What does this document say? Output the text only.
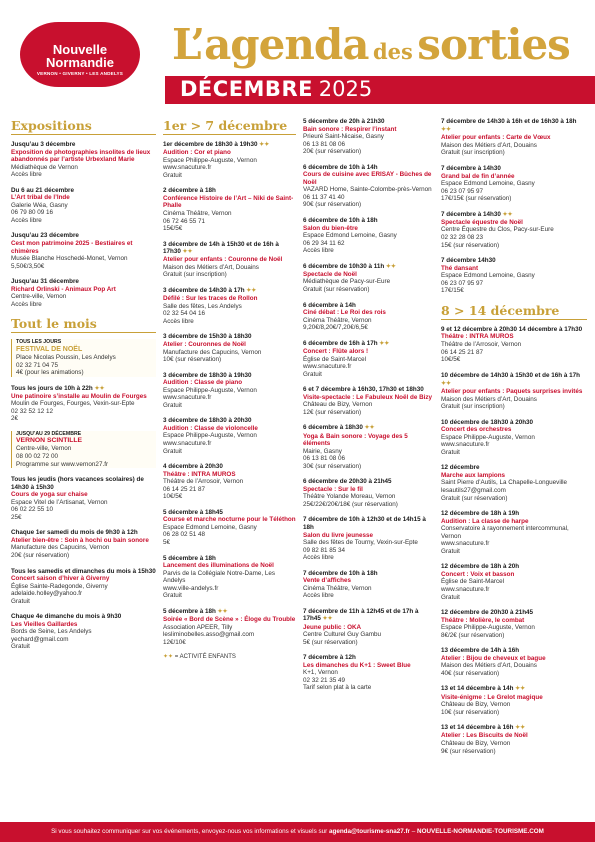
Nouvelle
Normandie
VERNON • GIVERNY • LES ANDELYS
L’agenda des sorties
DÉCEMBRE 2025
Expositions
Jusqu’au 3 décembre
Exposition de photographies insolites de lieux abandonnés par l’artiste Urbexland Marie
Médiathèque de Vernon
Accès libre
Du 6 au 21 décembre
L’Art tribal de l’Inde
Galerie Wéa, Gasny
06 79 80 09 16
Accès libre
Jusqu’au 23 décembre
Cest mon patrimoine 2025 - Bestiaires et chimères
Musée Blanche Hoschedé-Monet, Vernon
5,50€/3,50€
Jusqu’au 31 décembre
Richard Orlinski - Animaux Pop Art
Centre-ville, Vernon
Accès libre
Tout le mois
TOUS LES JOURS
FESTIVAL DE NOËL
Place Nicolas Poussin, Les Andelys
02 32 71 04 75
4€ (pour les animations)
Tous les jours de 10h à 22h ✦✦
Une patinoire s’installe au Moulin de Fourges
Moulin de Fourges, Fourges, Vexin-sur-Epte
02 32 52 12 12
2€
JUSQU’AU 29 DÉCEMBRE
VERNON SCINTILLE
Centre-ville, Vernon
08 00 02 72 00
Programme sur www.vernon27.fr
Tous les jeudis (hors vacances scolaires) de 14h30 à 15h30
Cours de yoga sur chaise
Espace Vitel de l’Artisanat, Vernon
06 02 22 55 10
25€
Chaque 1er samedi du mois de 9h30 à 12h
Atelier bien-être : Soin à hochi ou bain sonore
Manufacture des Capucins, Vernon
20€ (sur réservation)
Tous les samedis et dimanches du mois à 15h30
Concert saison d’hiver à Giverny
Église Sainte-Radegonde, Giverny
adelaide.holley@yahoo.fr
Gratuit
Chaque 4e dimanche du mois à 9h30
Les Vieilles Gaillardes
Bords de Seine, Les Andelys
yechard@gmail.com
Gratuit
1er > 7 décembre
1er décembre de 18h30 à 19h30 ✦✦
Audition : Cor et piano
Espace Philippe-Auguste, Vernon
www.snacuture.fr
Gratuit
2 décembre à 18h
Conférence Histoire de l’Art – Niki de Saint-Phalle
Cinéma Théâtre, Vernon
06 72 46 55 71
15€/5€
3 décembre de 14h à 15h30 et de 16h à 17h30 ✦✦
Atelier pour enfants : Couronne de Noël
Maison des Métiers d’Art, Douains
Gratuit (sur inscription)
3 décembre de 14h30 à 17h ✦✦
Défilé : Sur les traces de Rollon
Salle des fêtes, Les Andelys
02 32 54 04 16
Accès libre
3 décembre de 15h30 à 18h30
Atelier : Couronnes de Noël
Manufacture des Capucins, Vernon
10€ (sur réservation)
3 décembre de 18h30 à 19h30
Audition : Classe de piano
Espace Philippe-Auguste, Vernon
www.snacuture.fr
Gratuit
3 décembre de 18h30 à 20h30
Audition : Classe de violoncelle
Espace Philippe-Auguste, Vernon
www.snacuture.fr
Gratuit
4 décembre à 20h30
Théâtre : INTRA MUROS
Théâtre de l’Arrosoir, Vernon
06 14 25 21 87
10€/5€
5 décembre à 18h45
Course et marche nocturne pour le Téléthon
Espace Edmond Lemoine, Gasny
06 28 02 51 48
5€
5 décembre à 18h
Lancement des illuminations de Noël
Parvis de la Collégiale Notre-Dame, Les Andelys
www.ville-andelys.fr
Gratuit
5 décembre à 18h ✦✦
Soirée « Bord de Scène » : Éloge du Trouble
Association APEER, Tilly
lesliminobelles.asso@gmail.com
12€/10€
✦✦ = ACTIVITÉ ENFANTS
5 décembre de 20h à 21h30
Bain sonore : Respirer l’instant
Prieuré Saint-Nicaise, Gasny
06 13 81 08 06
20€ (sur réservation)
6 décembre de 10h à 14h
Cours de cuisine avec ERISAY - Bûches de Noël
VAZARD Home, Sainte-Colombe-près-Vernon
06 11 37 41 40
90€ (sur réservation)
6 décembre de 10h à 18h
Salon du bien-être
Espace Edmond Lemoine, Gasny
06 29 34 11 62
Accès libre
6 décembre de 10h30 à 11h ✦✦
Spectacle de Noël
Médiathèque de Pacy-sur-Eure
Gratuit (sur réservation)
6 décembre à 14h
Ciné débat : Le Roi des rois
Cinéma Théâtre, Vernon
9,20€/8,20€/7,20€/6,5€
6 décembre de 16h à 17h ✦✦
Concert : Flûte alors !
Église de Saint-Marcel
www.snacuture.fr
Gratuit
6 et 7 décembre à 16h30, 17h30 et 18h30
Visite-spectacle : Le Fabuleux Noël de Bizy
Château de Bizy, Vernon
12€ (sur réservation)
6 décembre à 18h30 ✦✦
Yoga & Bain sonore : Voyage des 5 éléments
Mairie, Gasny
06 13 81 08 06
30€ (sur réservation)
6 décembre de 20h30 à 21h45
Spectacle : Sur le fil
Théâtre Yolande Moreau, Vernon
25€/22€/20€/18€ (sur réservation)
7 décembre de 10h à 12h30 et de 14h15 à 18h
Salon du livre jeunesse
Salle des fêtes de Tourny, Vexin-sur-Epte
09 82 81 85 34
Accès libre
7 décembre de 10h à 18h
Vente d’affiches
Cinéma Théâtre, Vernon
Accès libre
7 décembre de 11h à 12h45 et de 17h à 17h45 ✦✦
Jeune public : OKA
Centre Culturel Guy Gambu
5€ (sur réservation)
7 décembre à 12h
Les dimanches du K+1 : Sweet Blue
K+1, Vernon
02 32 21 35 49
Tarif selon plat à la carte
7 décembre de 14h30 à 16h et de 16h30 à 18h ✦✦
Atelier pour enfants : Carte de Vœux
Maison des Métiers d’Art, Douains
Gratuit (sur inscription)
7 décembre à 14h30
Grand bal de fin d’année
Espace Edmond Lemoine, Gasny
06 23 07 95 97
17€/15€ (sur réservation)
7 décembre à 14h30 ✦✦
Spectacle équestre de Noël
Centre Équestre du Clos, Pacy-sur-Eure
02 32 28 08 23
15€ (sur réservation)
7 décembre 14h30
Thé dansant
Espace Edmond Lemoine, Gasny
06 23 07 95 97
17€/15€
8 > 14 décembre
9 et 12 décembre à 20h30 14 décembre à 17h30
Théâtre : INTRA MUROS
Théâtre de l’Arrosoir, Vernon
06 14 25 21 87
10€/5€
10 décembre de 14h30 à 15h30 et de 16h à 17h ✦✦
Atelier pour enfants : Paquets surprises invités
Maison des Métiers d’Art, Douains
Gratuit (sur inscription)
10 décembre de 18h30 à 20h30
Concert des orchestres
Espace Philippe-Auguste, Vernon
www.snacuture.fr
Gratuit
12 décembre
Marche aux lampions
Saint Pierre d’Autils, La Chapelle-Longueville
lesautils27@gmail.com
Gratuit (sur réservation)
12 décembre de 18h à 19h
Audition : La classe de harpe
Conservatoire à rayonnement intercommunal, Vernon
www.snacuture.fr
Gratuit
12 décembre de 18h à 20h
Concert : Voix et basson
Église de Saint-Marcel
www.snacuture.fr
Gratuit
12 décembre de 20h30 à 21h45
Théâtre : Molière, le combat
Espace Philippe-Auguste, Vernon
8€/2€ (sur réservation)
13 décembre de 14h à 16h
Atelier : Bijou de cheveux et bague
Maison des Métiers d’Art, Douains
40€ (sur réservation)
13 et 14 décembre à 14h ✦✦
Visite-énigme : Le Grelot magique
Château de Bizy, Vernon
10€ (sur réservation)
13 et 14 décembre à 16h ✦✦
Atelier : Les Biscuits de Noël
Château de Bizy, Vernon
9€ (sur réservation)
Si vous souhaitez communiquer sur vos événements, envoyez-nous vos informations et visuels sur agenda@tourisme-sna27.fr – NOUVELLE-NORMANDIE-TOURISME.COM
